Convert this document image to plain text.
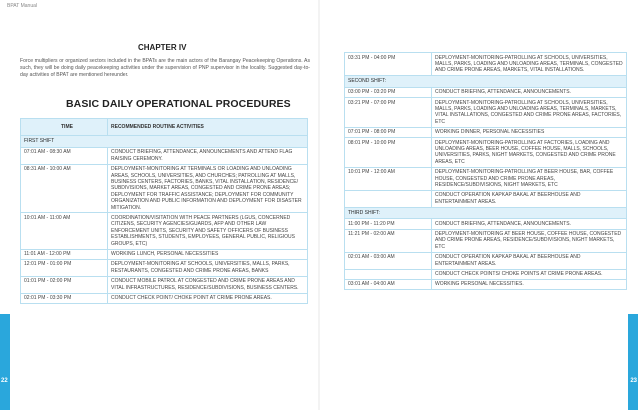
BPAT Manual
CHAPTER IV
Force multipliers or organized sectors included in the BPATs are the main actors of the Barangay Peacekeeping Operations. As such, they will be doing daily peacekeeping activities under the supervision of PNP supervisor in the locality. Suggested day-to-day activities of BPAT are mentioned hereunder.
BASIC DAILY OPERATIONAL PROCEDURES
TIME	RECOMMENDED ROUTINE ACTIVITIES
FIRST SHIFT	
07:01 AM - 08:30 AM	CONDUCT BRIEFING, ATTENDANCE, ANNOUNCEMENTS AND ATTEND FLAG RAISING CEREMONY.
08:31 AM - 10:00 AM	DEPLOYMENT-MONITORING AT TERMINALS OR LOADING AND UNLOADING AREAS, SCHOOLS, UNIVERSITIES, AND CHURCHES; PATROLLING AT MALLS, BUSINESS CENTERS, FACTORIES, BANKS, VITAL INSTALLATION, RESIDENCE/ SUBDIVISIONS, MARKET AREAS, CONGESTED AND CRIME PRONE AREAS; DEPLOYMENT FOR TRAFFIC ASSISTANCE; DEPLOYMENT FOR COMMUNITY ORGANIZATION AND PUBLIC INFORMATION AND DEPLOYMENT FOR DISASTER MITIGATION.
10:01 AM - 11:00 AM	COORDINATION/VISITATION WITH PEACE PARTNERS (LGUS, CONCERNED CITIZENS, SECURITY AGENCIES/GUARDS, AFP AND OTHER LAW ENFORCEMENT UNITS, SECURITY AND SAFETY OFFICERS OF BUSINESS ESTABLISHMENTS, STUDENTS, EMPLOYEES, GENERAL PUBLIC, RELIGIOUS GROUPS, ETC)
11:01 AM - 12:00 PM	WORKING LUNCH, PERSONAL NECESSITIES
12:01 PM - 01:00 PM	DEPLOYMENT-MONITORING AT SCHOOLS, UNIVERSITIES, MALLS, PARKS, RESTAURANTS, CONGESTED AND CRIME PRONE AREAS, BANKS
01:01 PM - 02:00 PM	CONDUCT MOBILE PATROL AT CONGESTED AND CRIME PRONE AREAS AND VITAL INFRASTRUCTURES, RESIDENCE/SUBDIVISIONS, BUSINESS CENTERS.
02:01 PM - 03:30 PM	CONDUCT CHECK POINT/ CHOKE POINT AT CRIME PRONE AREAS.
03:31 PM - 04:00 PM	DEPLOYMENT-MONITORING-PATROLLING AT SCHOOLS, UNIVERSITIES, MALLS, PARKS, LOADING AND UNLOADING AREAS, TERMINALS, CONGESTED AND CRIME PRONE AREAS, MARKETS, VITAL INSTALLATIONS.
SECOND SHIFT:	
03:00 PM - 03:20 PM	CONDUCT BRIEFING, ATTENDANCE, ANNOUNCEMENTS.
03:21 PM - 07:00 PM	DEPLOYMENT-MONITORING-PATROLLING AT SCHOOLS, UNIVERSITIES, MALLS, PARKS, LOADING AND UNLOADING AREAS, TERMINALS, MARKETS, VITAL INSTALLATIONS, CONGESTED AND CRIME PRONE AREAS, FACTORIES, ETC
07:01 PM - 08:00 PM	WORKING DINNER, PERSONAL NECESSITIES
08:01 PM - 10:00 PM	DEPLOYMENT-MONITORING-PATROLLING AT FACTORIES, LOADING AND UNLOADING AREAS, BEER HOUSE, COFFEE HOUSE, MALLS, SCHOOLS, UNIVERSITIES, PARKS, NIGHT MARKETS, CONGESTED AND CRIME PRONE AREAS, ETC
10:01 PM - 12:00 AM	DEPLOYMENT-MONITORING-PATROLLING AT BEER HOUSE, BAR, COFFEE HOUSE, CONGESTED AND CRIME PRONE AREAS, RESIDENCE/SUBDIVISIONS, NIGHT MARKETS, ETC
	CONDUCT OPERATION KAPKAP BAKAL AT BEERHOUSE AND ENTERTAINMENT AREAS.
THIRD SHIFT:	
11:00 PM - 11:20 PM	CONDUCT BRIEFING, ATTENDANCE, ANNOUNCEMENTS.
11:21 PM - 02:00 AM	DEPLOYMENT-MONITORING AT BEER HOUSE, COFFEE HOUSE, CONGESTED AND CRIME PRONE AREAS, RESIDENCE/SUBDIVISIONS, NIGHT MARKETS, ETC
02:01 AM - 03:00 AM	CONDUCT OPERATION KAPKAP BAKAL AT BEERHOUSE AND ENTERTAINMENT AREAS.
	CONDUCT CHECK POINTS/ CHOKE POINTS AT CRIME PRONE AREAS.
03:01 AM - 04:00 AM	WORKING PERSONAL NECESSITIES.
22	23
